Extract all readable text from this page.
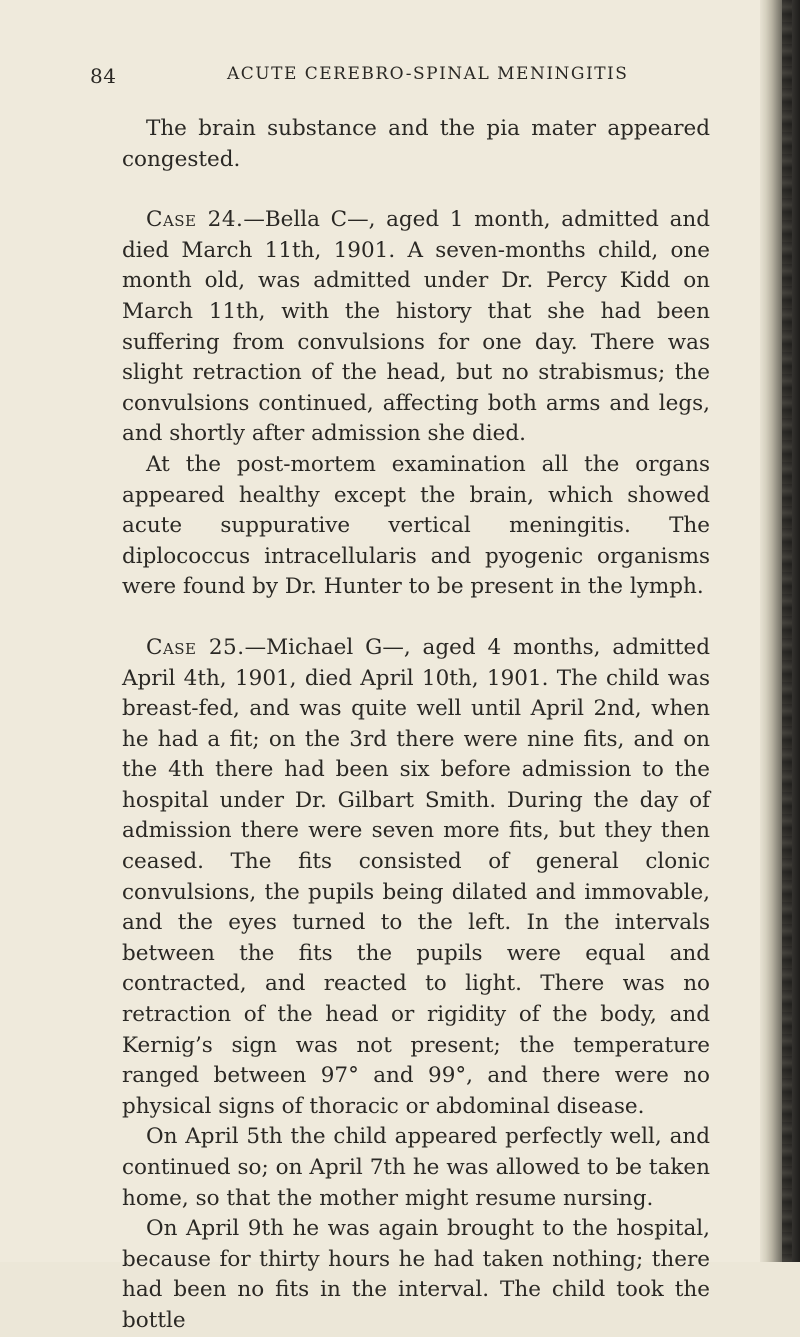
84	ACUTE CEREBRO-SPINAL MENINGITIS

The brain substance and the pia mater appeared congested.

Case 24.—Bella C—, aged 1 month, admitted and died March 11th, 1901. A seven-months child, one month old, was admitted under Dr. Percy Kidd on March 11th, with the history that she had been suffering from convulsions for one day. There was slight retraction of the head, but no strabismus; the convulsions continued, affecting both arms and legs, and shortly after admission she died.

At the post-mortem examination all the organs appeared healthy except the brain, which showed acute suppurative vertical meningitis. The diplococcus intracellularis and pyogenic organisms were found by Dr. Hunter to be present in the lymph.

Case 25.—Michael G—, aged 4 months, admitted April 4th, 1901, died April 10th, 1901. The child was breast-fed, and was quite well until April 2nd, when he had a fit; on the 3rd there were nine fits, and on the 4th there had been six before admission to the hospital under Dr. Gilbart Smith. During the day of admission there were seven more fits, but they then ceased. The fits consisted of general clonic convulsions, the pupils being dilated and immovable, and the eyes turned to the left. In the intervals between the fits the pupils were equal and contracted, and reacted to light. There was no retraction of the head or rigidity of the body, and Kernig’s sign was not present; the temperature ranged between 97° and 99°, and there were no physical signs of thoracic or abdominal disease.

On April 5th the child appeared perfectly well, and continued so; on April 7th he was allowed to be taken home, so that the mother might resume nursing.

On April 9th he was again brought to the hospital, because for thirty hours he had taken nothing; there had been no fits in the interval. The child took the bottle
